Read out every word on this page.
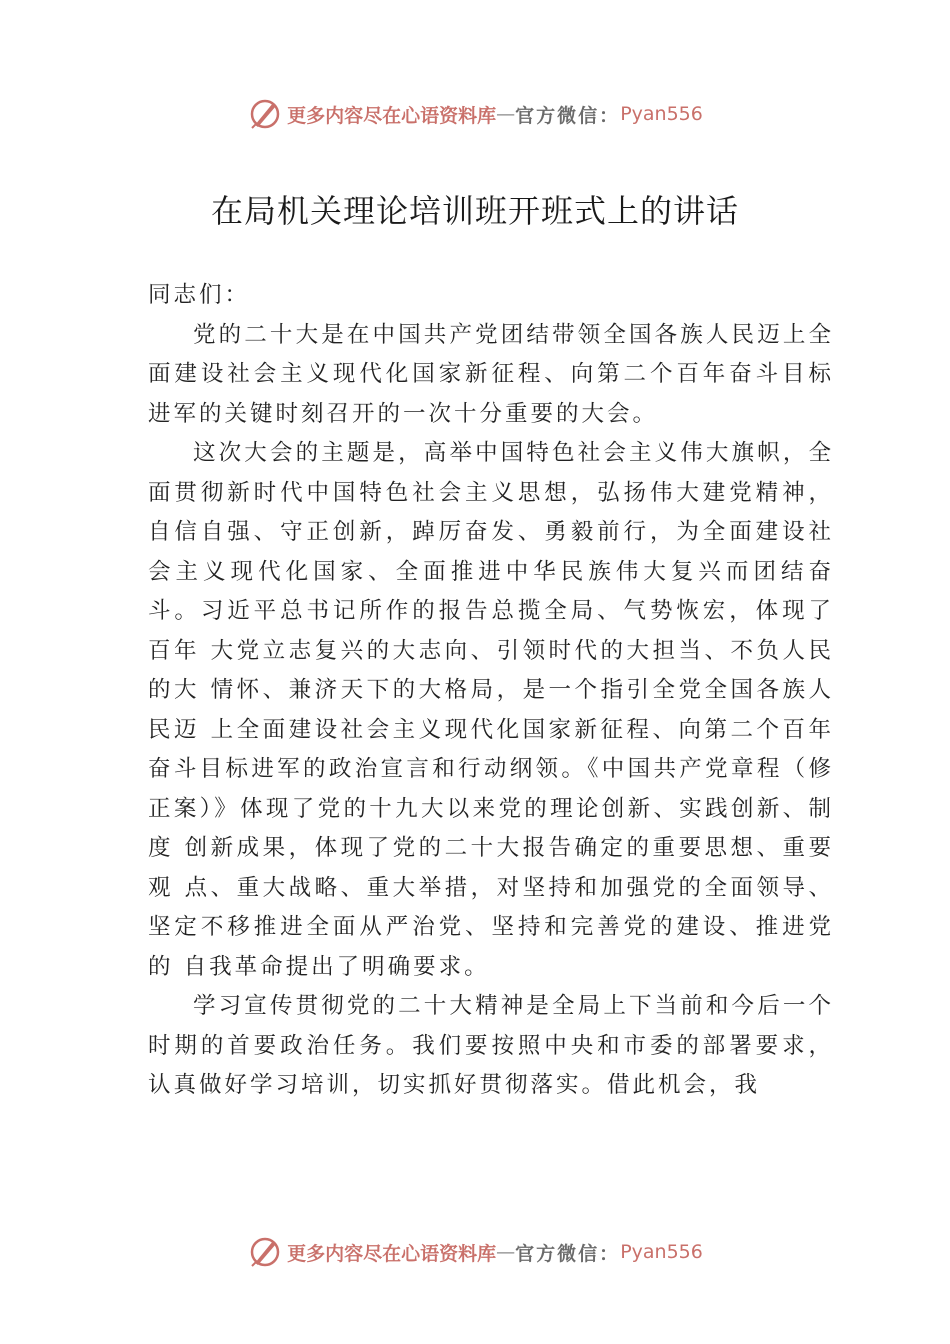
更多内容尽在心语资料库 — 官方微信： Pyan556
在局机关理论培训班开班式上的讲话

同志们：

党的二十大是在中国共产党团结带领全国各族人民迈上全面建设社会主义现代化国家新征程、向第二个百年奋斗目标进军的关键时刻召开的一次十分重要的大会。

这次大会的主题是，高举中国特色社会主义伟大旗帜，全面贯彻新时代中国特色社会主义思想，弘扬伟大建党精神，自信自强、守正创新，踔厉奋发、勇毅前行，为全面建设社会主义现代化国家、全面推进中华民族伟大复兴而团结奋斗。习近平总书记所作的报告总揽全局、气势恢宏，体现了百年 大党立志复兴的大志向、引领时代的大担当、不负人民的大 情怀、兼济天下的大格局，是一个指引全党全国各族人民迈 上全面建设社会主义现代化国家新征程、向第二个百年奋斗目标进军的政治宣言和行动纲领。《中国共产党章程（修正案）》体现了党的十九大以来党的理论创新、实践创新、制度 创新成果，体现了党的二十大报告确定的重要思想、重要观 点、重大战略、重大举措，对坚持和加强党的全面领导、坚定不移推进全面从严治党、坚持和完善党的建设、推进党的 自我革命提出了明确要求。

学习宣传贯彻党的二十大精神是全局上下当前和今后一个时期的首要政治任务。我们要按照中央和市委的部署要求，认真做好学习培训，切实抓好贯彻落实。借此机会，我

更多内容尽在心语资料库 — 官方微信： Pyan556
